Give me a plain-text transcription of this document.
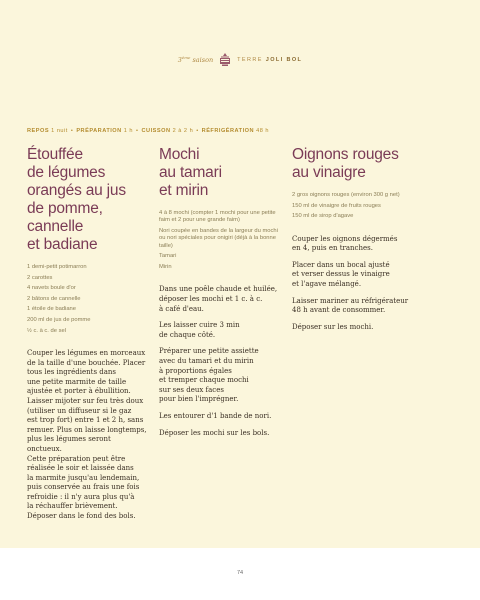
3ème saison	TERRE JOLI BOL
REPOS 1 nuit • PRÉPARATION 1 h • CUISSON 2 à 2 h • RÉFRIGÉRATION 48 h
Étouffée
de légumes
orangés au jus
de pomme,
cannelle
et badiane
1 demi-petit potimarron
2 carottes
4 navets boule d'or
2 bâtons de cannelle
1 étoile de badiane
200 ml de jus de pomme
½ c. à c. de sel

Couper les légumes en morceaux
de la taille d'une bouchée. Placer
tous les ingrédients dans
une petite marmite de taille
ajustée et porter à ébullition.
Laisser mijoter sur feu très doux
(utiliser un diffuseur si le gaz
est trop fort) entre 1 et 2 h, sans
remuer. Plus on laisse longtemps,
plus les légumes seront onctueux.
Cette préparation peut être
réalisée le soir et laissée dans
la marmite jusqu'au lendemain,
puis conservée au frais une fois
refroidie : il n'y aura plus qu'à
la réchauffer brièvement.
Déposer dans le fond des bols.

Mochi
au tamari
et mirin
4 à 8 mochi (compter 1 mochi pour une petite faim et 2 pour une grande faim)
Nori coupée en bandes de la largeur du mochi ou nori spéciales pour onigiri (déjà à la bonne taille)
Tamari
Mirin

Dans une poêle chaude et huilée,
déposer les mochi et 1 c. à c.
à café d'eau.

Les laisser cuire 3 min
de chaque côté.

Préparer une petite assiette
avec du tamari et du mirin
à proportions égales
et tremper chaque mochi
sur ses deux faces
pour bien l'imprégner.

Les entourer d'1 bande de nori.

Déposer les mochi sur les bols.

Oignons rouges
au vinaigre
2 gros oignons rouges (environ 300 g net)
150 ml de vinaigre de fruits rouges
150 ml de sirop d'agave

Couper les oignons dégermés
en 4, puis en tranches.

Placer dans un bocal ajusté
et verser dessus le vinaigre
et l'agave mélangé.

Laisser mariner au réfrigérateur
48 h avant de consommer.

Déposer sur les mochi.

74
